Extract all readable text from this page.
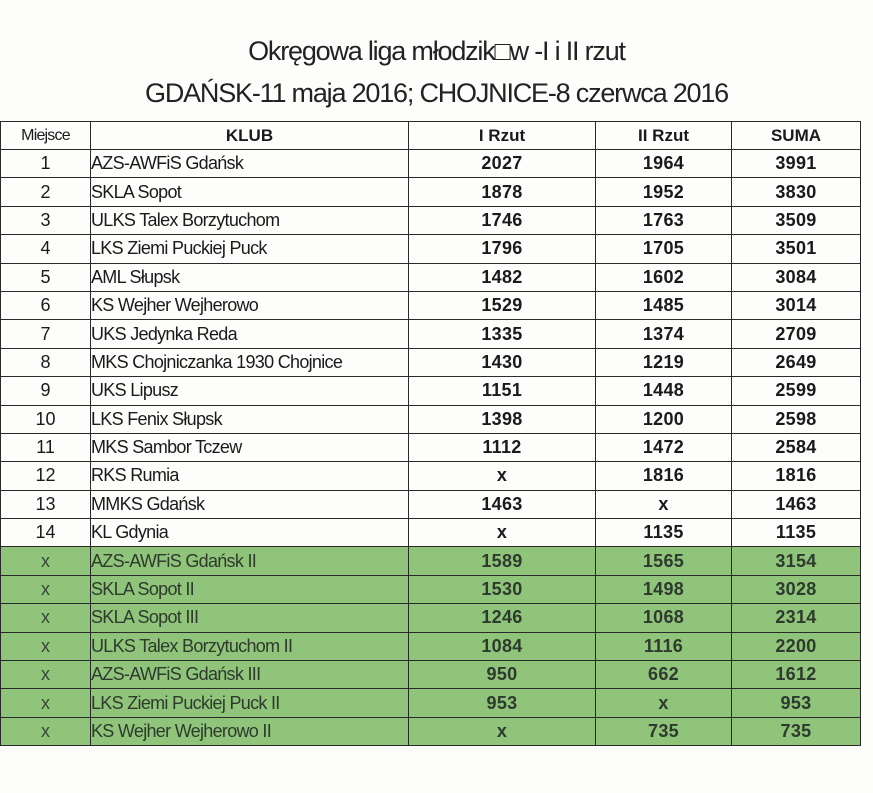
Okręgowa liga młodzik□w -I i II rzut
GDAŃSK-11 maja 2016; CHOJNICE-8 czerwca 2016
Miejsce	KLUB	I Rzut	II Rzut	SUMA
1	AZS-AWFiS Gdańsk	2027	1964	3991
2	SKLA Sopot	1878	1952	3830
3	ULKS Talex Borzytuchom	1746	1763	3509
4	LKS Ziemi Puckiej Puck	1796	1705	3501
5	AML Słupsk	1482	1602	3084
6	KS Wejher Wejherowo	1529	1485	3014
7	UKS Jedynka Reda	1335	1374	2709
8	MKS Chojniczanka 1930 Chojnice	1430	1219	2649
9	UKS Lipusz	1151	1448	2599
10	LKS Fenix Słupsk	1398	1200	2598
11	MKS Sambor Tczew	1112	1472	2584
12	RKS Rumia	x	1816	1816
13	MMKS Gdańsk	1463	x	1463
14	KL Gdynia	x	1135	1135
x	AZS-AWFiS Gdańsk II	1589	1565	3154
x	SKLA Sopot II	1530	1498	3028
x	SKLA Sopot III	1246	1068	2314
x	ULKS Talex Borzytuchom II	1084	1116	2200
x	AZS-AWFiS Gdańsk III	950	662	1612
x	LKS Ziemi Puckiej Puck II	953	x	953
x	KS Wejher Wejherowo II	x	735	735
